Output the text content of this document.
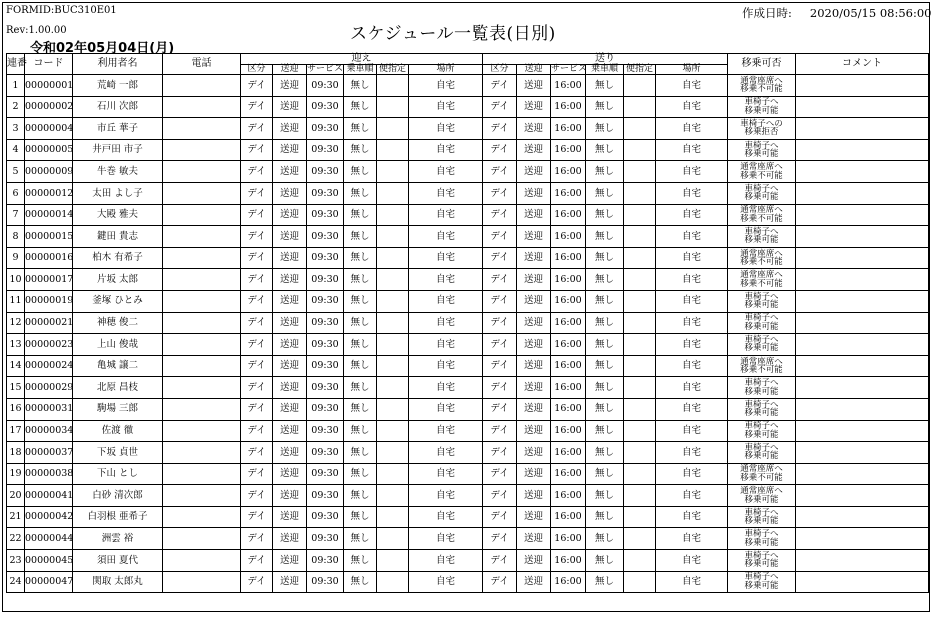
FORMID:BUC310E01
Rev:1.00.00
令和02年05月04日(月)
スケジュール一覧表(日別)
作成日時: 2020/05/15 08:56:00
連番	コード	利用者名	電話	迎え						送り						移乗可否	コメント
				区分	送迎	サービス	乗車順	便指定	場所	区分	送迎	サービス	乗車順	便指定	場所		
1	00000001	荒崎 一郎		デイ	送迎	09:30	無し		自宅	デイ	送迎	16:00	無し		自宅	通常座席へ
移乗不可能	

2	00000002	石川 次郎		デイ	送迎	09:30	無し		自宅	デイ	送迎	16:00	無し		自宅	車椅子へ
移乗可能	

3	00000004	市丘 華子		デイ	送迎	09:30	無し		自宅	デイ	送迎	16:00	無し		自宅	車椅子への
移乗拒否	

4	00000005	井戸田 市子		デイ	送迎	09:30	無し		自宅	デイ	送迎	16:00	無し		自宅	車椅子へ
移乗可能	

5	00000009	牛巻 敏夫		デイ	送迎	09:30	無し		自宅	デイ	送迎	16:00	無し		自宅	通常座席へ
移乗不可能	

6	00000012	太田 よし子		デイ	送迎	09:30	無し		自宅	デイ	送迎	16:00	無し		自宅	車椅子へ
移乗可能	

7	00000014	大殿 雅夫		デイ	送迎	09:30	無し		自宅	デイ	送迎	16:00	無し		自宅	通常座席へ
移乗不可能	

8	00000015	鍵田 貴志		デイ	送迎	09:30	無し		自宅	デイ	送迎	16:00	無し		自宅	車椅子へ
移乗可能	

9	00000016	柏木 有希子		デイ	送迎	09:30	無し		自宅	デイ	送迎	16:00	無し		自宅	通常座席へ
移乗不可能	

10	00000017	片坂 太郎		デイ	送迎	09:30	無し		自宅	デイ	送迎	16:00	無し		自宅	通常座席へ
移乗不可能	

11	00000019	釜塚 ひとみ		デイ	送迎	09:30	無し		自宅	デイ	送迎	16:00	無し		自宅	車椅子へ
移乗可能	

12	00000021	神穂 俊二		デイ	送迎	09:30	無し		自宅	デイ	送迎	16:00	無し		自宅	車椅子へ
移乗可能	

13	00000023	上山 俊哉		デイ	送迎	09:30	無し		自宅	デイ	送迎	16:00	無し		自宅	車椅子へ
移乗可能	

14	00000024	亀城 譲二		デイ	送迎	09:30	無し		自宅	デイ	送迎	16:00	無し		自宅	通常座席へ
移乗不可能	

15	00000029	北原 昌枝		デイ	送迎	09:30	無し		自宅	デイ	送迎	16:00	無し		自宅	車椅子へ
移乗可能	

16	00000031	駒場 三郎		デイ	送迎	09:30	無し		自宅	デイ	送迎	16:00	無し		自宅	車椅子へ
移乗可能	

17	00000034	佐渡 徹		デイ	送迎	09:30	無し		自宅	デイ	送迎	16:00	無し		自宅	車椅子へ
移乗可能	

18	00000037	下坂 貞世		デイ	送迎	09:30	無し		自宅	デイ	送迎	16:00	無し		自宅	車椅子へ
移乗可能	

19	00000038	下山 とし		デイ	送迎	09:30	無し		自宅	デイ	送迎	16:00	無し		自宅	通常座席へ
移乗不可能	

20	00000041	白砂 清次郎		デイ	送迎	09:30	無し		自宅	デイ	送迎	16:00	無し		自宅	通常座席へ
移乗可能	

21	00000042	白羽根 亜希子		デイ	送迎	09:30	無し		自宅	デイ	送迎	16:00	無し		自宅	車椅子へ
移乗可能	

22	00000044	洲雲 裕		デイ	送迎	09:30	無し		自宅	デイ	送迎	16:00	無し		自宅	車椅子へ
移乗可能	

23	00000045	須田 夏代		デイ	送迎	09:30	無し		自宅	デイ	送迎	16:00	無し		自宅	車椅子へ
移乗可能	

24	00000047	関取 太郎丸		デイ	送迎	09:30	無し		自宅	デイ	送迎	16:00	無し		自宅	車椅子へ
移乗可能	
